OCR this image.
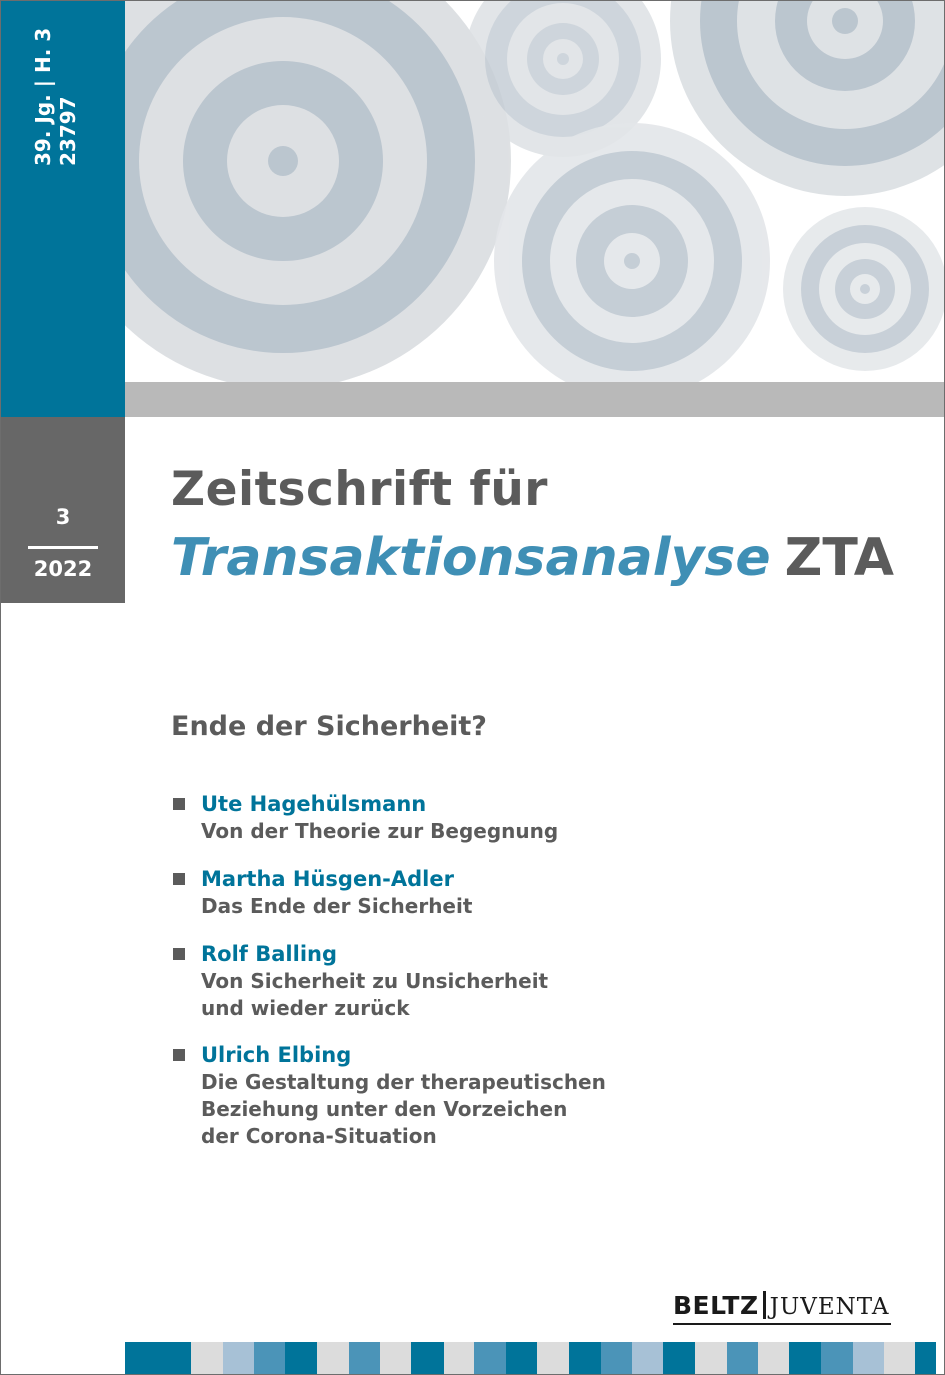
39. Jg. | H. 3 23797
3
2022
Zeitschrift für
Transaktionsanalyse ZTA
Ende der Sicherheit?
Ute Hagehülsmann
Von der Theorie zur Begegnung
Martha Hüsgen-Adler
Das Ende der Sicherheit
Rolf Balling
Von Sicherheit zu Unsicherheit
und wieder zurück
Ulrich Elbing
Die Gestaltung der therapeutischen
Beziehung unter den Vorzeichen
der Corona-Situation
BELTZ JUVENTA
